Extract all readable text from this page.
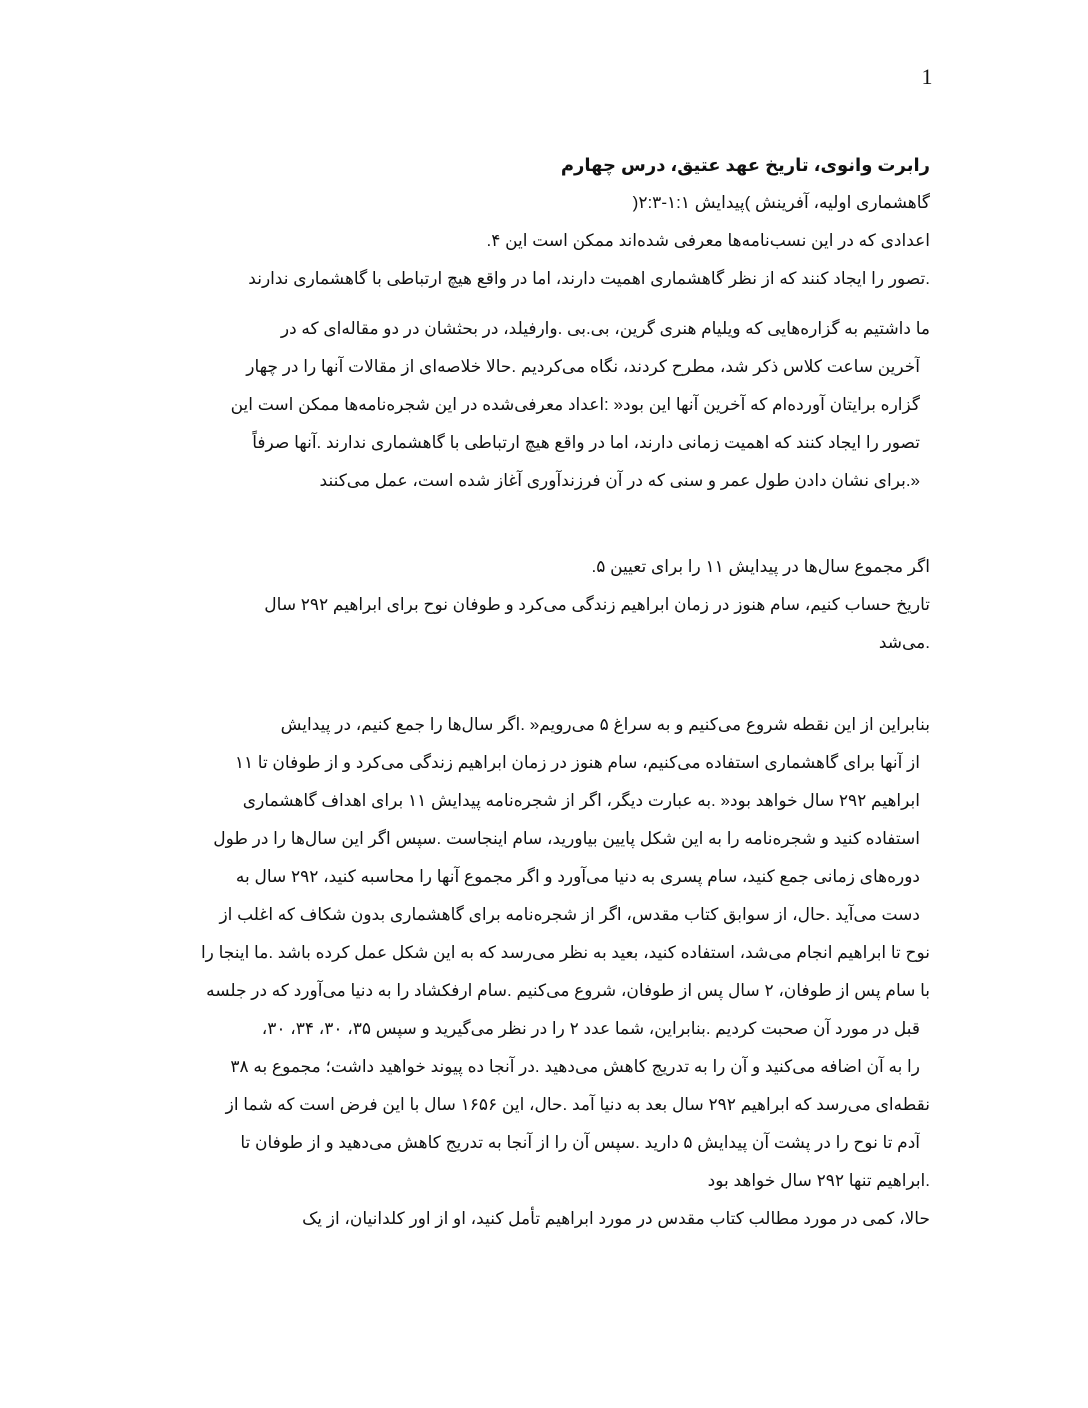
1
رابرت وانوی، تاریخ عهد عتیق، درس چهارم
گاهشماری اولیه، آفرینش )پیدایش ۱:۱-۲:۳(
اعدادی که در این نسب‌نامه‌ها معرفی شده‌اند ممکن است این ۴.
.تصور را ایجاد کنند که از نظر گاهشماری اهمیت دارند، اما در واقع هیچ ارتباطی با گاهشماری ندارند
ما داشتیم به گزاره‌هایی که ویلیام هنری گرین، بی.بی .وارفیلد، در بحثشان در دو مقاله‌ای که در
آخرین ساعت کلاس ذکر شد، مطرح کردند، نگاه می‌کردیم .حالا خلاصه‌ای از مقالات آنها را در چهار
گزاره برایتان آورده‌ام که آخرین آنها این بود« :اعداد معرفی‌شده در این شجره‌نامه‌ها ممکن است این
تصور را ایجاد کنند که اهمیت زمانی دارند، اما در واقع هیچ ارتباطی با گاهشماری ندارند .آنها صرفاً
«.برای نشان دادن طول عمر و سنی که در آن فرزندآوری آغاز شده است، عمل می‌کنند
اگر مجموع سال‌ها در پیدایش ۱۱ را برای تعیین ۵.
تاریخ حساب کنیم، سام هنوز در زمان ابراهیم زندگی می‌کرد و طوفان نوح برای ابراهیم ۲۹۲ سال
.می‌شد
بنابراین از این نقطه شروع می‌کنیم و به سراغ ۵ می‌رویم« .اگر سال‌ها را جمع کنیم، در پیدایش
از آنها برای گاهشماری استفاده می‌کنیم، سام هنوز در زمان ابراهیم زندگی می‌کرد و از طوفان تا ۱۱
ابراهیم ۲۹۲ سال خواهد بود« .به عبارت دیگر، اگر از شجره‌نامه پیدایش ۱۱ برای اهداف گاهشماری
استفاده کنید و شجره‌نامه را به این شکل پایین بیاورید، سام اینجاست .سپس اگر این سال‌ها را در طول
دوره‌های زمانی جمع کنید، سام پسری به دنیا می‌آورد و اگر مجموع آنها را محاسبه کنید، ۲۹۲ سال به
دست می‌آید .حال، از سوابق کتاب مقدس، اگر از شجره‌نامه برای گاهشماری بدون شکاف که اغلب از
نوح تا ابراهیم انجام می‌شد، استفاده کنید، بعید به نظر می‌رسد که به این شکل عمل کرده باشد .ما اینجا را
با سام پس از طوفان، ۲ سال پس از طوفان، شروع می‌کنیم .سام ارفکشاد را به دنیا می‌آورد که در جلسه
قبل در مورد آن صحبت کردیم .بنابراین، شما عدد ۲ را در نظر می‌گیرید و سپس ۳۵، ۳۰، ۳۴، ۳۰،
را به آن اضافه می‌کنید و آن را به تدریج کاهش می‌دهید .در آنجا ده پیوند خواهید داشت؛ مجموع به ۳۸
نقطه‌ای می‌رسد که ابراهیم ۲۹۲ سال بعد به دنیا آمد .حال، این ۱۶۵۶ سال با این فرض است که شما از
آدم تا نوح را در پشت آن پیدایش ۵ دارید .سپس آن را از آنجا به تدریج کاهش می‌دهید و از طوفان تا
.ابراهیم تنها ۲۹۲ سال خواهد بود
حالا، کمی در مورد مطالب کتاب مقدس در مورد ابراهیم تأمل کنید، او از اور کلدانیان، از یک
